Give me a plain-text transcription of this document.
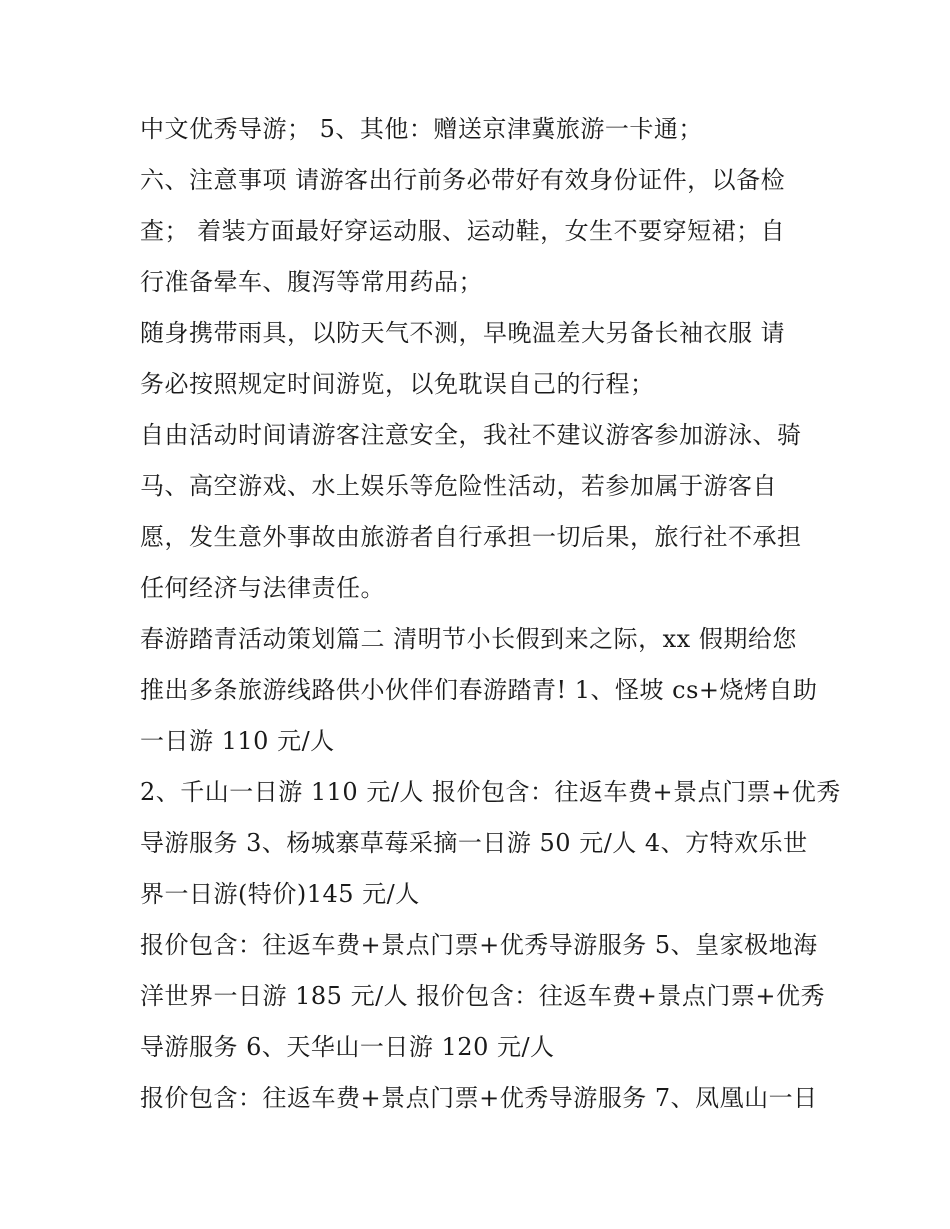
中文优秀导游； 5、其他：赠送京津冀旅游一卡通；
六、注意事项 请游客出行前务必带好有效身份证件，以备检
查； 着装方面最好穿运动服、运动鞋，女生不要穿短裙；自
行准备晕车、腹泻等常用药品；
随身携带雨具，以防天气不测，早晚温差大另备长袖衣服 请
务必按照规定时间游览，以免耽误自己的行程；
自由活动时间请游客注意安全，我社不建议游客参加游泳、骑
马、高空游戏、水上娱乐等危险性活动，若参加属于游客自
愿，发生意外事故由旅游者自行承担一切后果，旅行社不承担
任何经济与法律责任。
春游踏青活动策划篇二 清明节小长假到来之际，xx 假期给您
推出多条旅游线路供小伙伴们春游踏青! 1、怪坡 cs+烧烤自助
一日游 110 元/人
2、千山一日游 110 元/人 报价包含：往返车费+景点门票+优秀
导游服务 3、杨城寨草莓采摘一日游 50 元/人 4、方特欢乐世
界一日游(特价)145 元/人
报价包含：往返车费+景点门票+优秀导游服务 5、皇家极地海
洋世界一日游 185 元/人 报价包含：往返车费+景点门票+优秀
导游服务 6、天华山一日游 120 元/人
报价包含：往返车费+景点门票+优秀导游服务 7、凤凰山一日
